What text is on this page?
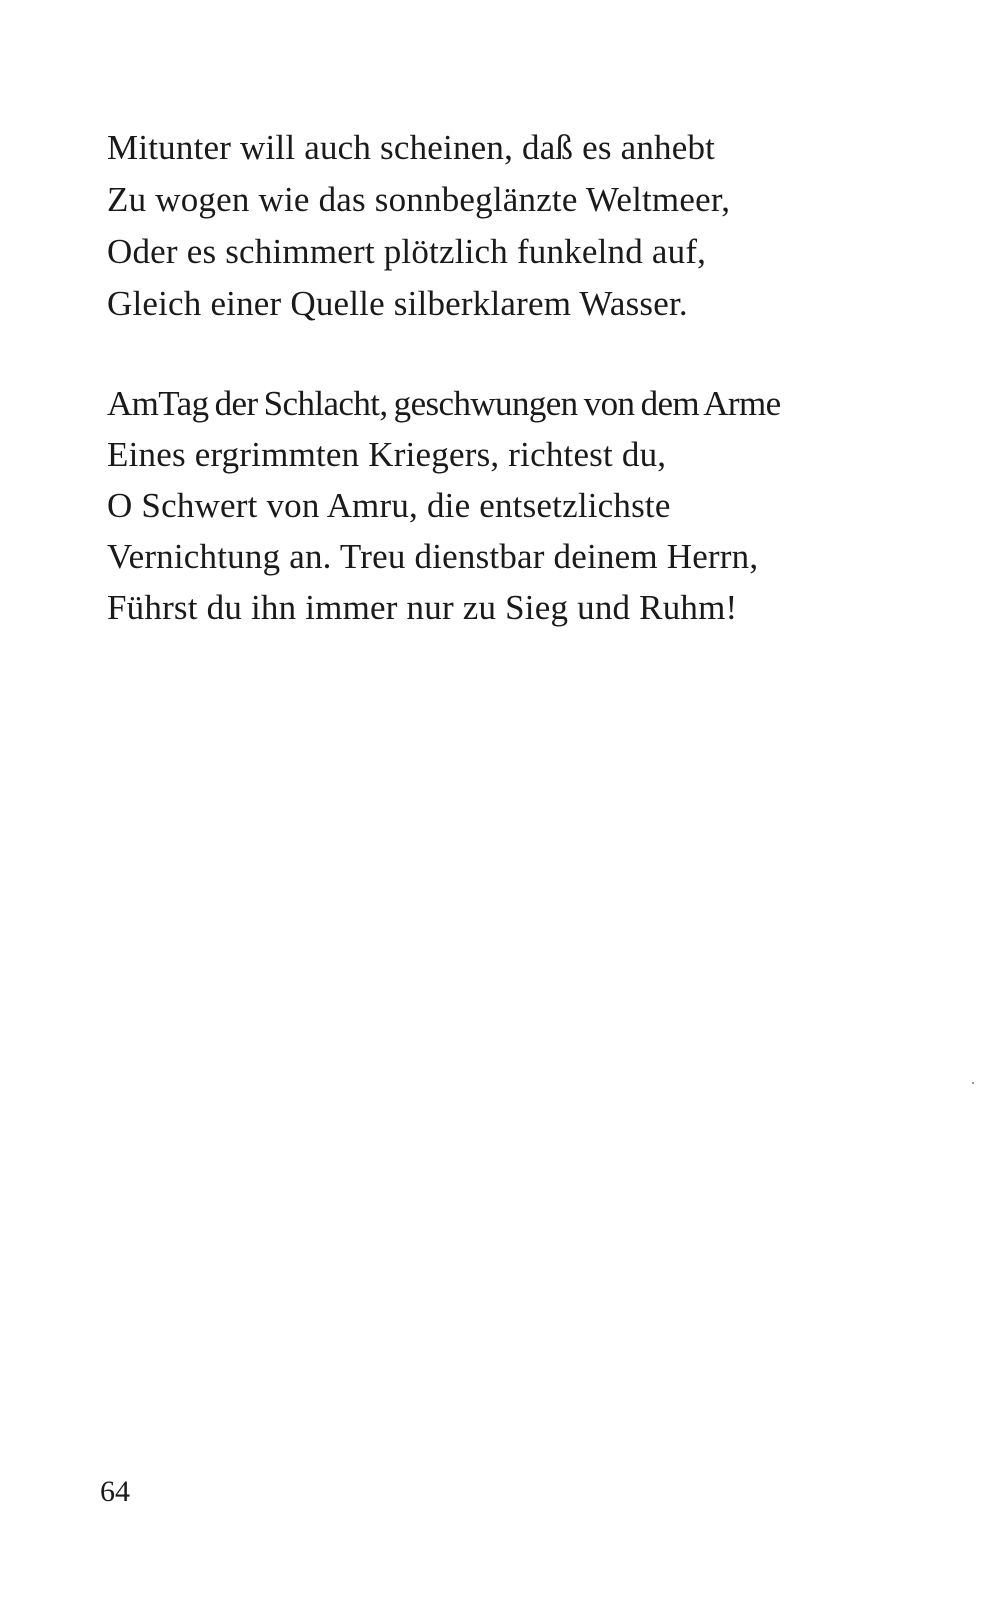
Mitunter will auch scheinen, daß es anhebt
Zu wogen wie das sonnbeglänzte Weltmeer,
Oder es schimmert plötzlich funkelnd auf,
Gleich einer Quelle silberklarem Wasser.
AmTag der Schlacht, geschwungen von dem Arme
Eines ergrimmten Kriegers, richtest du,
O Schwert von Amru, die entsetzlichste
Vernichtung an. Treu dienstbar deinem Herrn,
Führst du ihn immer nur zu Sieg und Ruhm!
64
